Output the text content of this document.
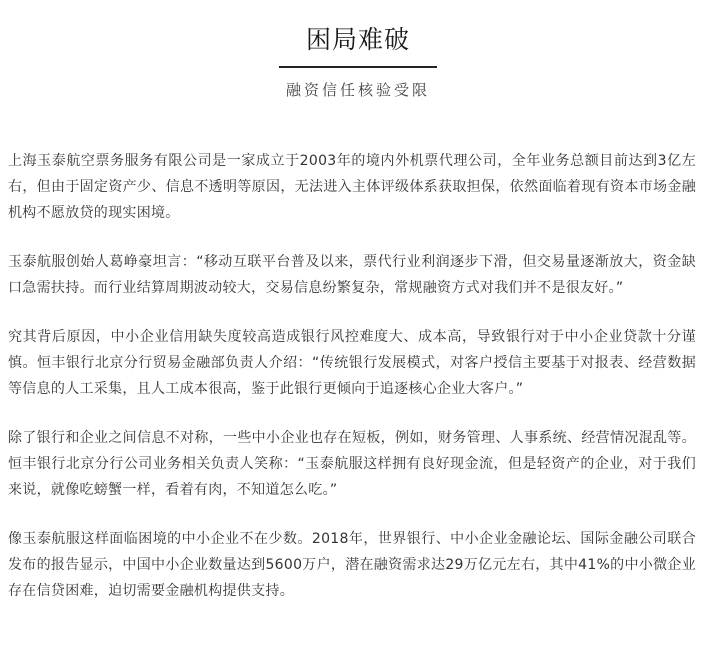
困局难破

融资信任核验受限

上海玉泰航空票务服务有限公司是一家成立于2003年的境内外机票代理公司，全年业务总额目前达到3亿左右，但由于固定资产少、信息不透明等原因，无法进入主体评级体系获取担保，依然面临着现有资本市场金融机构不愿放贷的现实困境。

玉泰航服创始人葛峥豪坦言：“移动互联平台普及以来，票代行业利润逐步下滑，但交易量逐渐放大，资金缺口急需扶持。而行业结算周期波动较大，交易信息纷繁复杂，常规融资方式对我们并不是很友好。”

究其背后原因，中小企业信用缺失度较高造成银行风控难度大、成本高，导致银行对于中小企业贷款十分谨慎。恒丰银行北京分行贸易金融部负责人介绍：“传统银行发展模式，对客户授信主要基于对报表、经营数据等信息的人工采集，且人工成本很高，鉴于此银行更倾向于追逐核心企业大客户。”

除了银行和企业之间信息不对称，一些中小企业也存在短板，例如，财务管理、人事系统、经营情况混乱等。恒丰银行北京分行公司业务相关负责人笑称：“玉泰航服这样拥有良好现金流，但是轻资产的企业，对于我们来说，就像吃螃蟹一样，看着有肉，不知道怎么吃。”

像玉泰航服这样面临困境的中小企业不在少数。2018年，世界银行、中小企业金融论坛、国际金融公司联合发布的报告显示，中国中小企业数量达到5600万户，潜在融资需求达29万亿元左右，其中41%的中小微企业存在信贷困难，迫切需要金融机构提供支持。
